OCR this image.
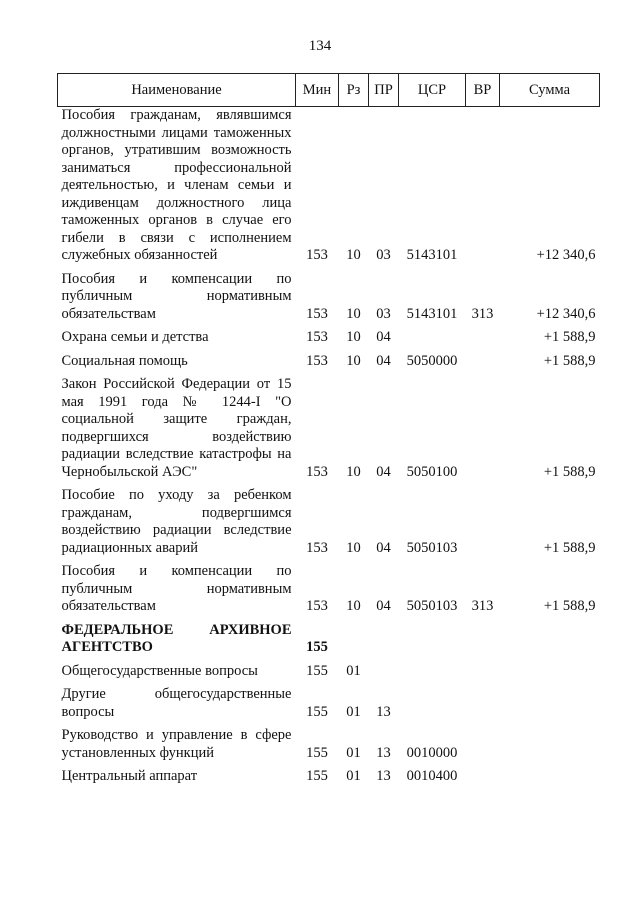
134
Наименование	Мин	Рз	ПР	ЦСР	ВР	Сумма
Пособия гражданам, являвшимся должностными лицами таможенных органов, утратившим возможность заниматься профессиональной деятельностью, и членам семьи и иждивенцам должностного лица таможенных органов в случае его гибели в связи с исполнением служебных обязанностей	153	10	03	5143101		+12 340,6
Пособия и компенсации по публичным нормативным обязательствам	153	10	03	5143101	313	+12 340,6
Охрана семьи и детства	153	10	04			+1 588,9
Социальная помощь	153	10	04	5050000		+1 588,9
Закон Российской Федерации от 15 мая 1991 года № 1244-I "О социальной защите граждан, подвергшихся воздействию радиации вследствие катастрофы на Чернобыльской АЭС"	153	10	04	5050100		+1 588,9
Пособие по уходу за ребенком гражданам, подвергшимся воздействию радиации вследствие радиационных аварий	153	10	04	5050103		+1 588,9
Пособия и компенсации по публичным нормативным обязательствам	153	10	04	5050103	313	+1 588,9
ФЕДЕРАЛЬНОЕ АРХИВНОЕ АГЕНТСТВО	155					
Общегосударственные вопросы	155	01				
Другие общегосударственные вопросы	155	01	13			
Руководство и управление в сфере установленных функций	155	01	13	0010000		
Центральный аппарат	155	01	13	0010400		
